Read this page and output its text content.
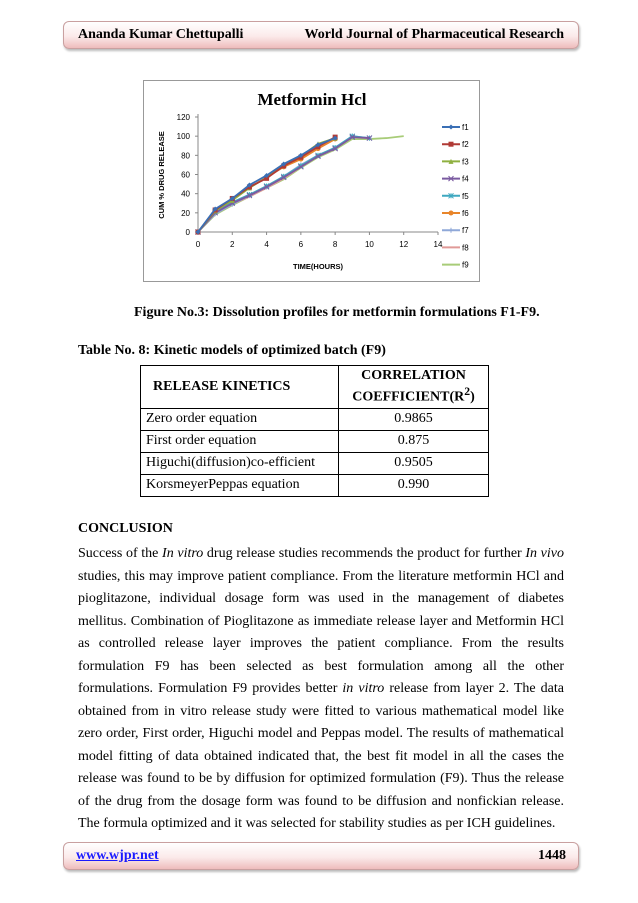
Ananda Kumar Chettupalli	World Journal of Pharmaceutical Research
Metformin Hcl
0
20
40
60
80
100
120
0	2	4	6	8	10	12	14
TIME(HOURS)
CUM % DRUG RELEASE
f1
f2
f3
f4
f5
f6
f7
f8
f9
Figure No.3: Dissolution profiles for metformin formulations F1-F9.
Table No. 8: Kinetic models of optimized batch (F9)
RELEASE KINETICS	CORRELATION $COEFFICIENT(R^2)$
Zero order equation	0.9865
First order equation	0.875
Higuchi(diffusion)co-efficient	0.9505
KorsmeyerPeppas equation	0.990
CONCLUSION

Success of the In vitro drug release studies recommends the product for further In vivo studies, this may improve patient compliance. From the literature metformin HCl and pioglitazone, individual dosage form was used in the management of diabetes mellitus. Combination of Pioglitazone as immediate release layer and Metformin HCl as controlled release layer improves the patient compliance. From the results formulation F9 has been selected as best formulation among all the other formulations. Formulation F9 provides better in vitro release from layer 2. The data obtained from in vitro release study were fitted to various mathematical model like zero order, First order, Higuchi model and Peppas model. The results of mathematical model fitting of data obtained indicated that, the best fit model in all the cases the release was found to be by diffusion for optimized formulation (F9). Thus the release of the drug from the dosage form was found to be diffusion and nonfickian release. The formula optimized and it was selected for stability studies as per ICH guidelines.

www.wjpr.net	1448
